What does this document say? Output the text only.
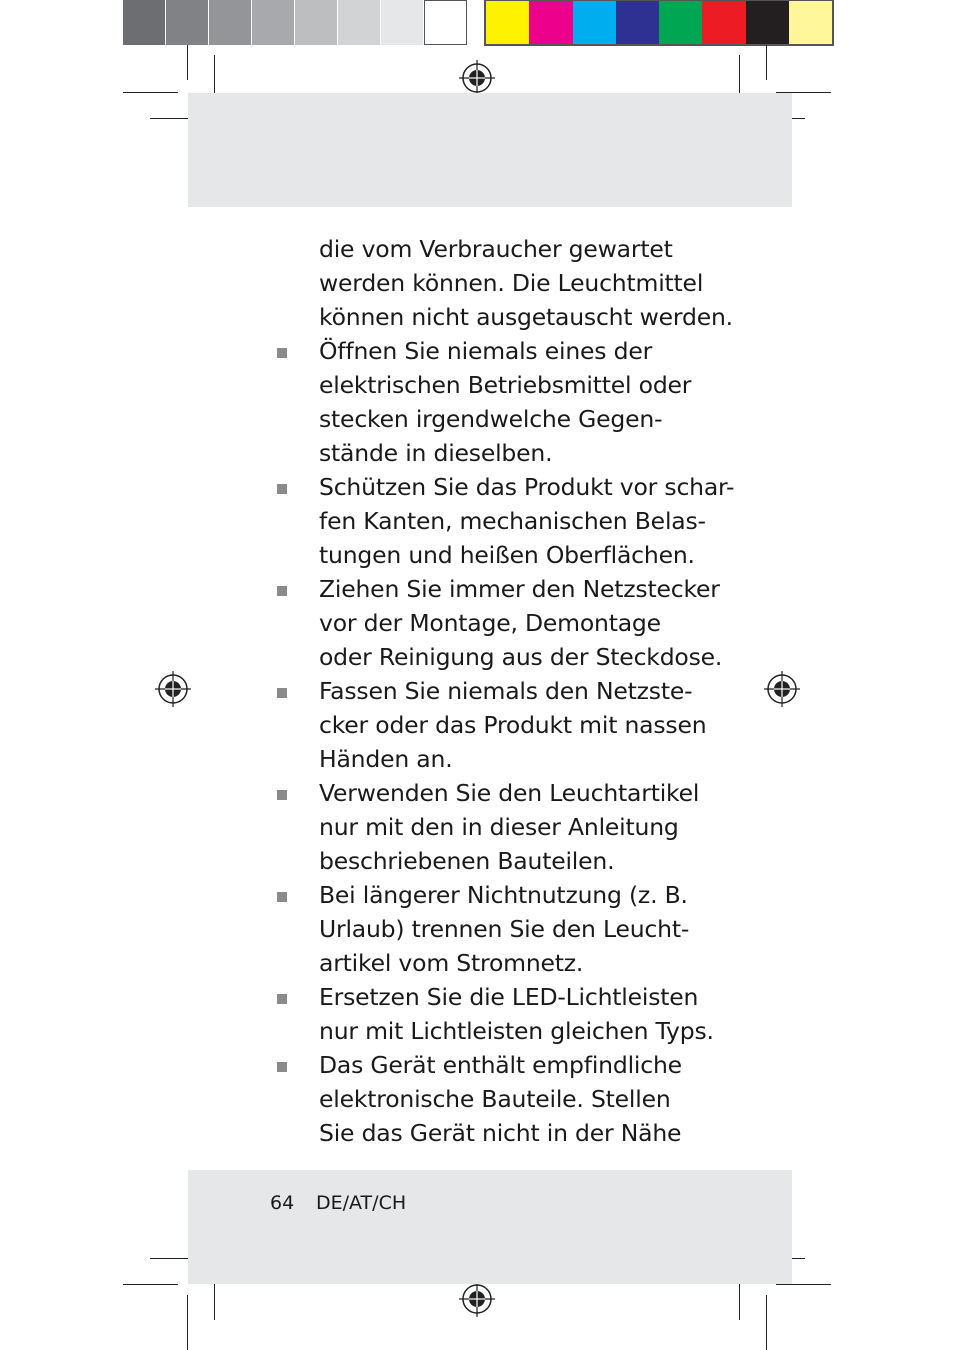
die vom Verbraucher gewartet
werden können. Die Leuchtmittel
können nicht ausgetauscht werden.

Öffnen Sie niemals eines der
elektrischen Betriebsmittel oder
stecken irgendwelche Gegen-
stände in dieselben.

Schützen Sie das Produkt vor schar-
fen Kanten, mechanischen Belas-
tungen und heißen Oberflächen.

Ziehen Sie immer den Netzstecker
vor der Montage, Demontage
oder Reinigung aus der Steckdose.

Fassen Sie niemals den Netzste-
cker oder das Produkt mit nassen
Händen an.

Verwenden Sie den Leuchtartikel
nur mit den in dieser Anleitung
beschriebenen Bauteilen.

Bei längerer Nichtnutzung (z. B.
Urlaub) trennen Sie den Leucht-
artikel vom Stromnetz.

Ersetzen Sie die LED-Lichtleisten
nur mit Lichtleisten gleichen Typs.

Das Gerät enthält empfindliche
elektronische Bauteile. Stellen
Sie das Gerät nicht in der Nähe

64 DE/AT/CH
